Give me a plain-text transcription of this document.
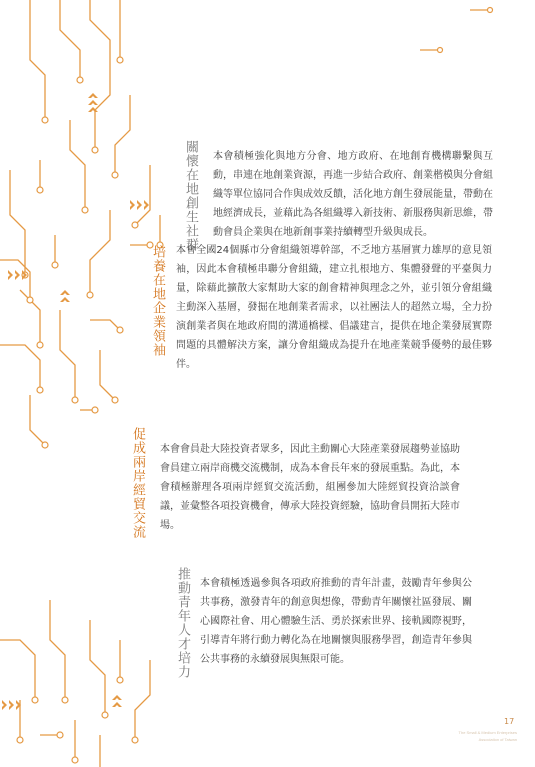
關懷在地創生社群 本會積極強化與地方分會、地方政府、在地創育機構聯繫與互動，串連在地創業資源，再進一步結合政府、創業楷模與分會組織等單位協同合作與成效反饋，活化地方創生發展能量，帶動在地經濟成長，並藉此為各組織導入新技術、新服務與新思維，帶動會員企業與在地新創事業持續轉型升級與成長。
培養在地企業領袖 本會全國24個縣市分會組織領導幹部，不乏地方基層實力雄厚的意見領袖，因此本會積極串聯分會組織，建立扎根地方、集體發聲的平臺與力量，除藉此擴散大家幫助大家的創會精神與理念之外，並引領分會組織主動深入基層，發掘在地創業者需求，以社團法人的超然立場，全力扮演創業者與在地政府間的溝通橋樑、倡議建言，提供在地企業發展實際問題的具體解決方案，讓分會組織成為提升在地產業競爭優勢的最佳夥伴。
促成兩岸經貿交流 本會會員赴大陸投資者眾多，因此主動關心大陸產業發展趨勢並協助會員建立兩岸商機交流機制，成為本會長年來的發展重點。為此，本會積極辦理各項兩岸經貿交流活動，組團參加大陸經貿投資洽談會議，並彙整各項投資機會，傳承大陸投資經驗，協助會員開拓大陸市場。
推動青年人才培力 本會積極透過參與各項政府推動的青年計畫，鼓勵青年參與公共事務，激發青年的創意與想像，帶動青年關懷社區發展、關心國際社會、用心體驗生活、勇於探索世界、接軌國際視野，引導青年將行動力轉化為在地關懷與服務學習，創造青年參與公共事務的永續發展與無限可能。
17
The Small & Medium Enterprises
Association of Taiwan
